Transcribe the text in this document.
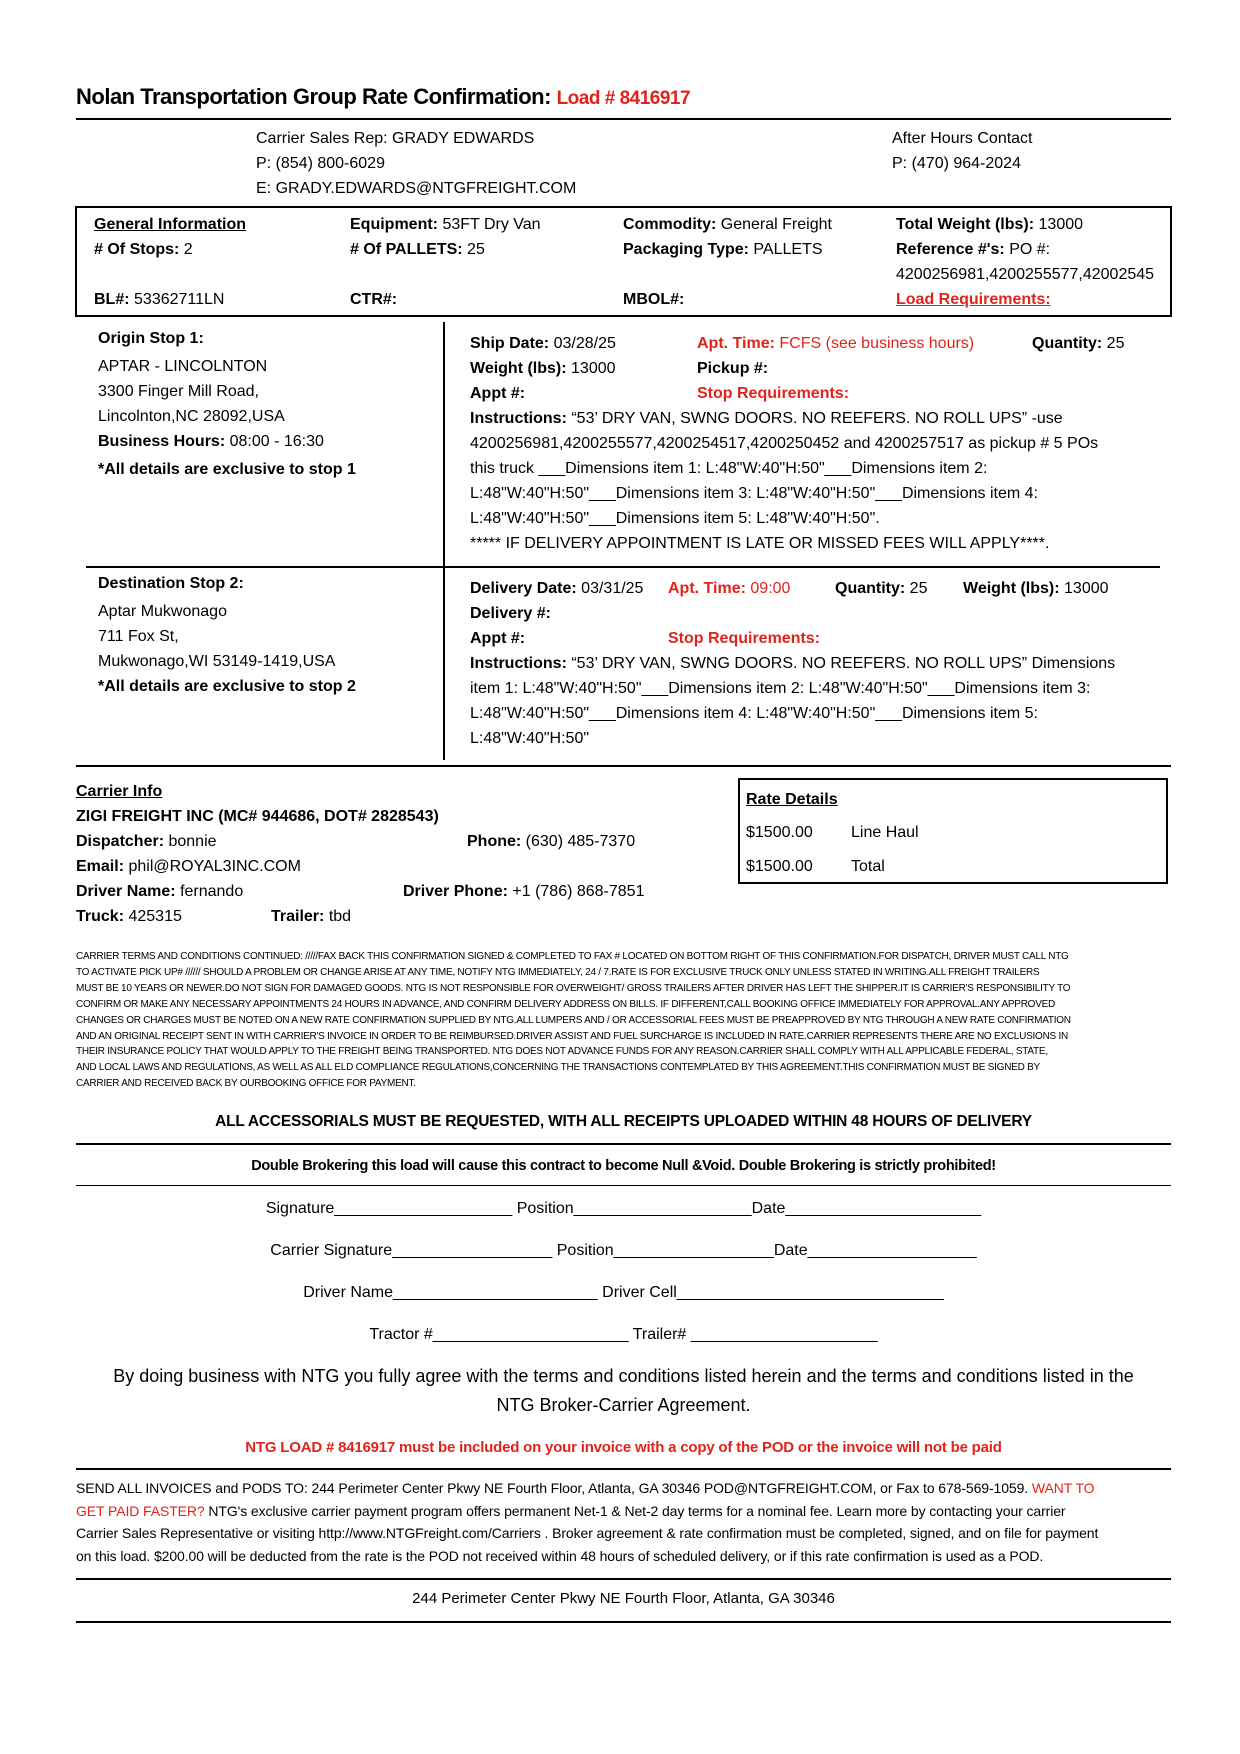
Nolan Transportation Group Rate Confirmation: Load # 8416917
Carrier Sales Rep: GRADY EDWARDS
P: (854) 800-6029
E: GRADY.EDWARDS@NTGFREIGHT.COM
After Hours Contact
P: (470) 964-2024
General Information
# Of Stops: 2
BL#: 53362711LN
Equipment: 53FT Dry Van
# Of PALLETS: 25
CTR#:
Commodity: General Freight
Packaging Type: PALLETS
MBOL#:
Total Weight (lbs): 13000
Reference #'s: PO #:
4200256981,4200255577,42002545
Load Requirements:
Origin Stop 1:
APTAR - LINCOLNTON
3300 Finger Mill Road,
Lincolnton,NC 28092,USA
Business Hours: 08:00 - 16:30
*All details are exclusive to stop 1
Ship Date: 03/28/25	Apt. Time: FCFS (see business hours)	Quantity: 25
Weight (lbs): 13000	Pickup #:
Appt #:	Stop Requirements:
Instructions: “53’ DRY VAN, SWNG DOORS. NO REEFERS. NO ROLL UPS” -use
4200256981,4200255577,4200254517,4200250452 and 4200257517 as pickup # 5 POs
this truck ___Dimensions item 1: L:48"W:40"H:50"___Dimensions item 2:
L:48"W:40"H:50"___Dimensions item 3: L:48"W:40"H:50"___Dimensions item 4:
L:48"W:40"H:50"___Dimensions item 5: L:48"W:40"H:50".
***** IF DELIVERY APPOINTMENT IS LATE OR MISSED FEES WILL APPLY****.
Destination Stop 2:
Aptar Mukwonago
711 Fox St,
Mukwonago,WI 53149-1419,USA
*All details are exclusive to stop 2
Delivery Date: 03/31/25 Apt. Time: 09:00	Quantity: 25 Weight (lbs): 13000
Delivery #:
Appt #:	Stop Requirements:
Instructions: “53’ DRY VAN, SWNG DOORS. NO REEFERS. NO ROLL UPS” Dimensions
item 1: L:48"W:40"H:50"___Dimensions item 2: L:48"W:40"H:50"___Dimensions item 3:
L:48"W:40"H:50"___Dimensions item 4: L:48"W:40"H:50"___Dimensions item 5:
L:48"W:40"H:50"
Carrier Info
ZIGI FREIGHT INC (MC# 944686, DOT# 2828543)
Dispatcher: bonnie	Phone: (630) 485-7370
Email: phil@ROYAL3INC.COM
Driver Name: fernando	Driver Phone: +1 (786) 868-7851
Truck: 425315	Trailer: tbd
Rate Details
$1500.00 Line Haul
$1500.00 Total
CARRIER TERMS AND CONDITIONS CONTINUED: /////FAX BACK THIS CONFIRMATION SIGNED & COMPLETED TO FAX # LOCATED ON BOTTOM RIGHT OF THIS CONFIRMATION.FOR DISPATCH, DRIVER MUST CALL NTG
TO ACTIVATE PICK UP# ////// SHOULD A PROBLEM OR CHANGE ARISE AT ANY TIME, NOTIFY NTG IMMEDIATELY, 24 / 7.RATE IS FOR EXCLUSIVE TRUCK ONLY UNLESS STATED IN WRITING.ALL FREIGHT TRAILERS
MUST BE 10 YEARS OR NEWER.DO NOT SIGN FOR DAMAGED GOODS. NTG IS NOT RESPONSIBLE FOR OVERWEIGHT/ GROSS TRAILERS AFTER DRIVER HAS LEFT THE SHIPPER.IT IS CARRIER'S RESPONSIBILITY TO
CONFIRM OR MAKE ANY NECESSARY APPOINTMENTS 24 HOURS IN ADVANCE, AND CONFIRM DELIVERY ADDRESS ON BILLS. IF DIFFERENT,CALL BOOKING OFFICE IMMEDIATELY FOR APPROVAL.ANY APPROVED
CHANGES OR CHARGES MUST BE NOTED ON A NEW RATE CONFIRMATION SUPPLIED BY NTG.ALL LUMPERS AND / OR ACCESSORIAL FEES MUST BE PREAPPROVED BY NTG THROUGH A NEW RATE CONFIRMATION
AND AN ORIGINAL RECEIPT SENT IN WITH CARRIER'S INVOICE IN ORDER TO BE REIMBURSED.DRIVER ASSIST AND FUEL SURCHARGE IS INCLUDED IN RATE.CARRIER REPRESENTS THERE ARE NO EXCLUSIONS IN
THEIR INSURANCE POLICY THAT WOULD APPLY TO THE FREIGHT BEING TRANSPORTED. NTG DOES NOT ADVANCE FUNDS FOR ANY REASON.CARRIER SHALL COMPLY WITH ALL APPLICABLE FEDERAL, STATE,
AND LOCAL LAWS AND REGULATIONS, AS WELL AS ALL ELD COMPLIANCE REGULATIONS,CONCERNING THE TRANSACTIONS CONTEMPLATED BY THIS AGREEMENT.THIS CONFIRMATION MUST BE SIGNED BY
CARRIER AND RECEIVED BACK BY OURBOOKING OFFICE FOR PAYMENT.
ALL ACCESSORIALS MUST BE REQUESTED, WITH ALL RECEIPTS UPLOADED WITHIN 48 HOURS OF DELIVERY
Double Brokering this load will cause this contract to become Null &Void. Double Brokering is strictly prohibited!
Signature____________________ Position____________________Date______________________
Carrier Signature__________________ Position__________________Date___________________
Driver Name_______________________ Driver Cell______________________________
Tractor #______________________ Trailer# _____________________
By doing business with NTG you fully agree with the terms and conditions listed herein and the terms and conditions listed in the
NTG Broker-Carrier Agreement.
NTG LOAD # 8416917 must be included on your invoice with a copy of the POD or the invoice will not be paid
SEND ALL INVOICES and PODS TO: 244 Perimeter Center Pkwy NE Fourth Floor, Atlanta, GA 30346 POD@NTGFREIGHT.COM, or Fax to 678-569-1059. WANT TO
GET PAID FASTER? NTG's exclusive carrier payment program offers permanent Net-1 & Net-2 day terms for a nominal fee. Learn more by contacting your carrier
Carrier Sales Representative or visiting http://www.NTGFreight.com/Carriers . Broker agreement & rate confirmation must be completed, signed, and on file for payment
on this load. $200.00 will be deducted from the rate is the POD not received within 48 hours of scheduled delivery, or if this rate confirmation is used as a POD.
244 Perimeter Center Pkwy NE Fourth Floor, Atlanta, GA 30346
